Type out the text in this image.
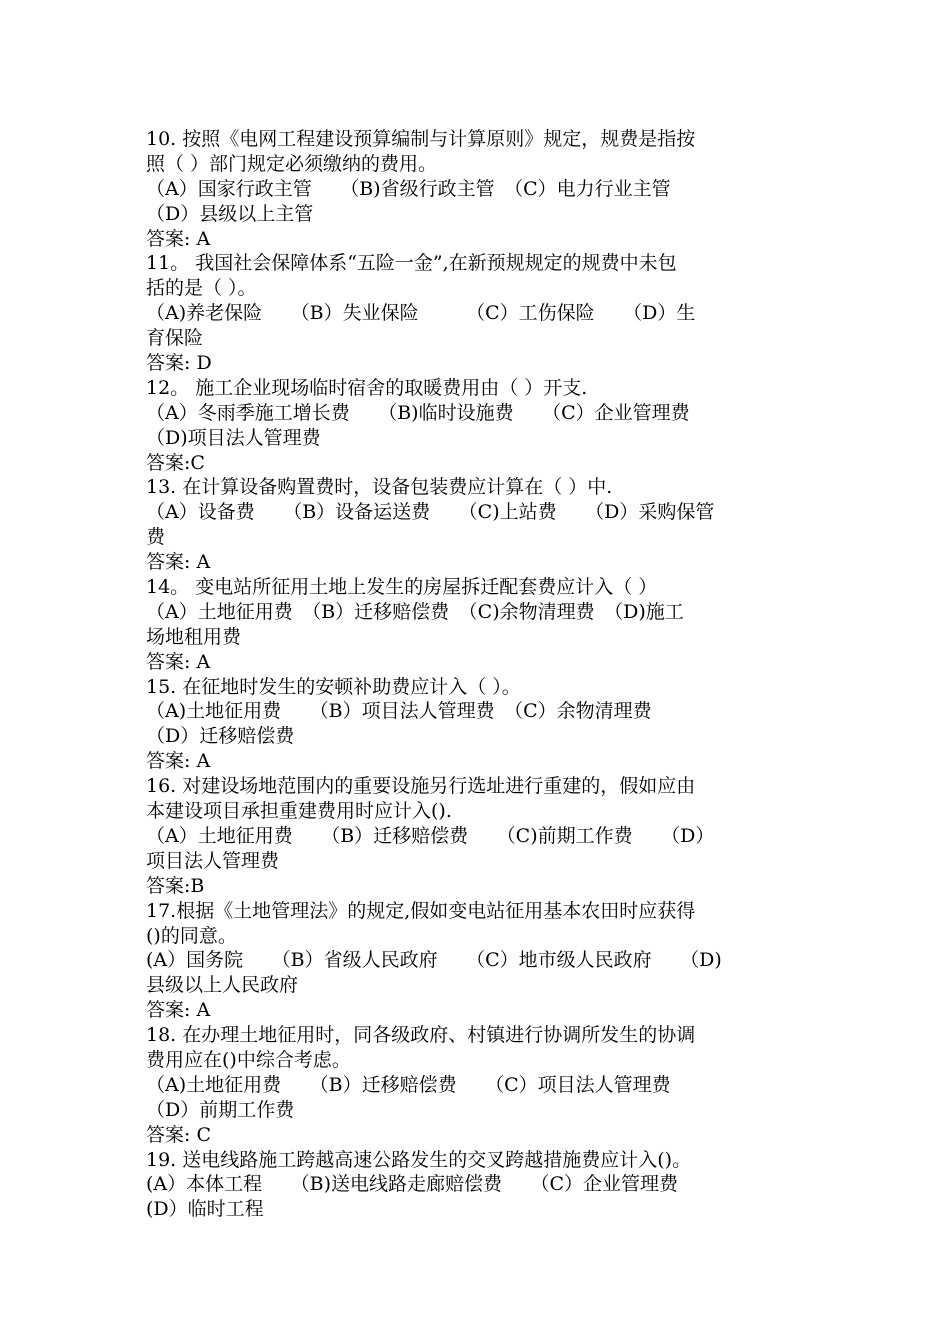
10. 按照《电网工程建设预算编制与计算原则》规定，规费是指按
照（ ）部门规定必须缴纳的费用。
（A）国家行政主管　　（B)省级行政主管　（C）电力行业主管
（D）县级以上主管
答案: A
11。 我国社会保障体系“五险一金”,在新预规规定的规费中未包
括的是（ ）。
（A)养老保险　　（B）失业保险　　　（C）工伤保险　　（D）生
育保险
答案: D
12。 施工企业现场临时宿舍的取暖费用由（ ）开支.
（A）冬雨季施工增长费　　（B)临时设施费　　（C）企业管理费
（D)项目法人管理费
答案:C
13. 在计算设备购置费时，设备包装费应计算在（ ）中.
（A）设备费　　（B）设备运送费　　（C)上站费　　（D）采购保管
费
答案: A
14。 变电站所征用土地上发生的房屋拆迁配套费应计入（ ）
（A）土地征用费　（B）迁移赔偿费　（C)余物清理费　（D)施工
场地租用费
答案: A
15. 在征地时发生的安顿补助费应计入（ ）。
（A)土地征用费　　（B）项目法人管理费　（C）余物清理费
（D）迁移赔偿费
答案: A
16. 对建设场地范围内的重要设施另行选址进行重建的，假如应由
本建设项目承担重建费用时应计入().
（A）土地征用费　　（B）迁移赔偿费　　（C)前期工作费　　（D）
项目法人管理费
答案:B
17.根据《土地管理法》的规定,假如变电站征用基本农田时应获得
()的同意。
(A）国务院　　（B）省级人民政府　　（C）地市级人民政府　　（D)
县级以上人民政府
答案: A
18. 在办理土地征用时，同各级政府、村镇进行协调所发生的协调
费用应在()中综合考虑。
（A)土地征用费　　（B）迁移赔偿费　　（C）项目法人管理费
（D）前期工作费
答案: C
19. 送电线路施工跨越高速公路发生的交叉跨越措施费应计入()。
(A）本体工程　　（B)送电线路走廊赔偿费　　（C）企业管理费
(D）临时工程
